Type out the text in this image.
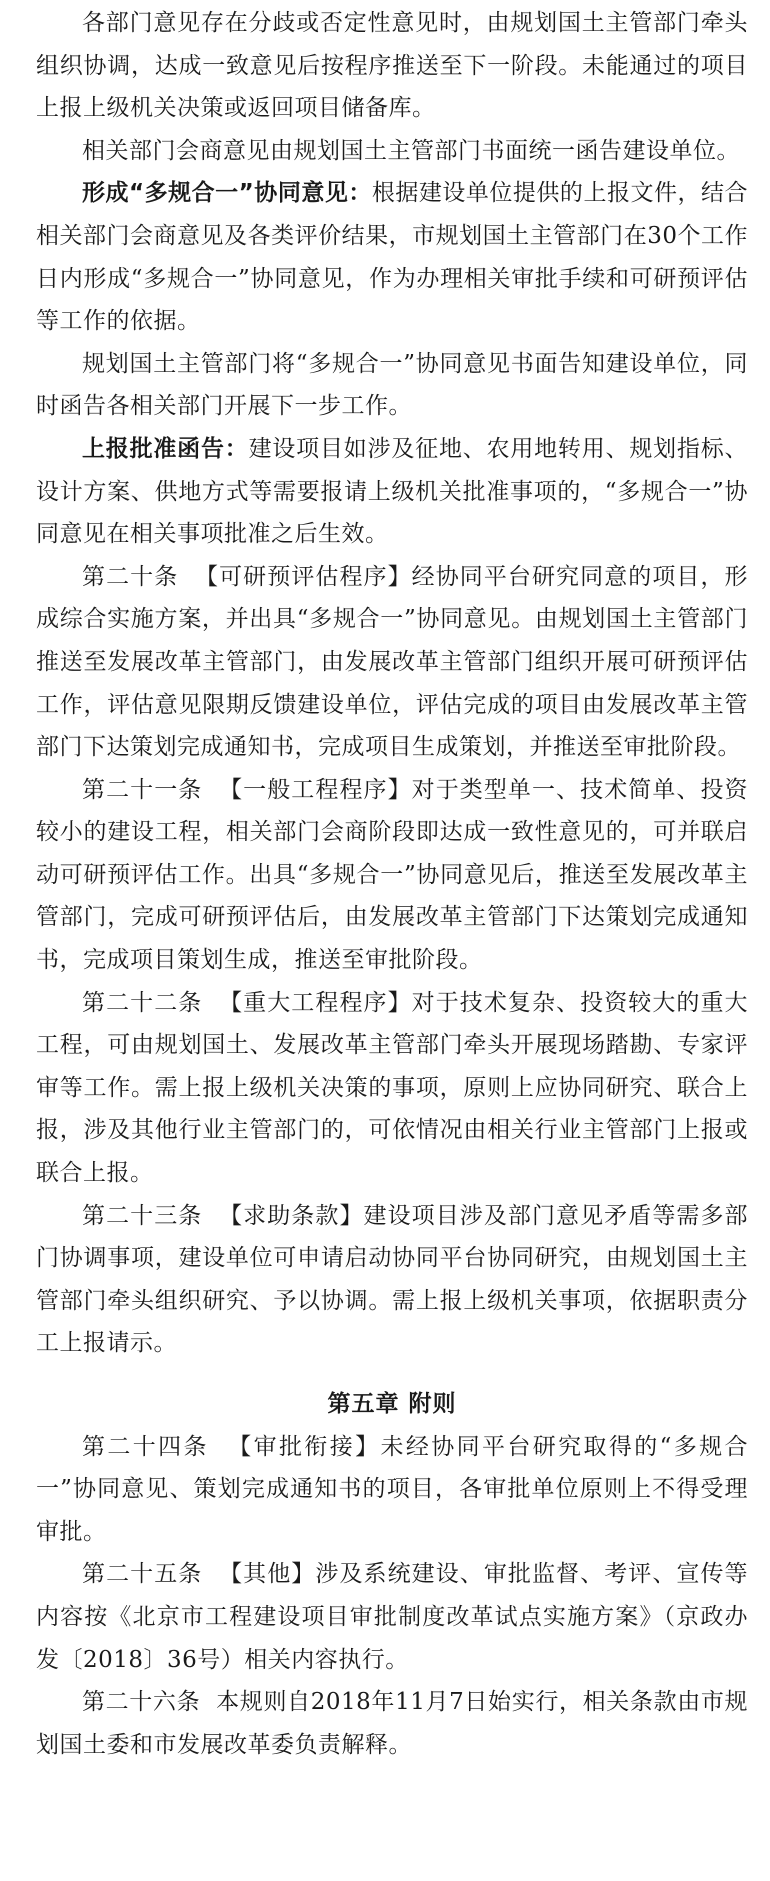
各部门意见存在分歧或否定性意见时，由规划国土主管部门牵头组织协调，达成一致意见后按程序推送至下一阶段。未能通过的项目上报上级机关决策或返回项目储备库。

相关部门会商意见由规划国土主管部门书面统一函告建设单位。

形成“多规合一”协同意见：根据建设单位提供的上报文件，结合相关部门会商意见及各类评价结果，市规划国土主管部门在30个工作日内形成“多规合一”协同意见，作为办理相关审批手续和可研预评估等工作的依据。

规划国土主管部门将“多规合一”协同意见书面告知建设单位，同时函告各相关部门开展下一步工作。

上报批准函告：建设项目如涉及征地、农用地转用、规划指标、设计方案、供地方式等需要报请上级机关批准事项的，“多规合一”协同意见在相关事项批准之后生效。

第二十条 【可研预评估程序】经协同平台研究同意的项目，形成综合实施方案，并出具“多规合一”协同意见。由规划国土主管部门推送至发展改革主管部门，由发展改革主管部门组织开展可研预评估工作，评估意见限期反馈建设单位，评估完成的项目由发展改革主管部门下达策划完成通知书，完成项目生成策划，并推送至审批阶段。

第二十一条 【一般工程程序】对于类型单一、技术简单、投资较小的建设工程，相关部门会商阶段即达成一致性意见的，可并联启动可研预评估工作。出具“多规合一”协同意见后，推送至发展改革主管部门，完成可研预评估后，由发展改革主管部门下达策划完成通知书，完成项目策划生成，推送至审批阶段。

第二十二条 【重大工程程序】对于技术复杂、投资较大的重大工程，可由规划国土、发展改革主管部门牵头开展现场踏勘、专家评审等工作。需上报上级机关决策的事项，原则上应协同研究、联合上报，涉及其他行业主管部门的，可依情况由相关行业主管部门上报或联合上报。

第二十三条 【求助条款】建设项目涉及部门意见矛盾等需多部门协调事项，建设单位可申请启动协同平台协同研究，由规划国土主管部门牵头组织研究、予以协调。需上报上级机关事项，依据职责分工上报请示。

第五章 附则

第二十四条 【审批衔接】未经协同平台研究取得的“多规合一”协同意见、策划完成通知书的项目，各审批单位原则上不得受理审批。

第二十五条 【其他】涉及系统建设、审批监督、考评、宣传等内容按《北京市工程建设项目审批制度改革试点实施方案》（京政办发〔2018〕36号）相关内容执行。

第二十六条 本规则自2018年11月7日始实行，相关条款由市规划国土委和市发展改革委负责解释。
